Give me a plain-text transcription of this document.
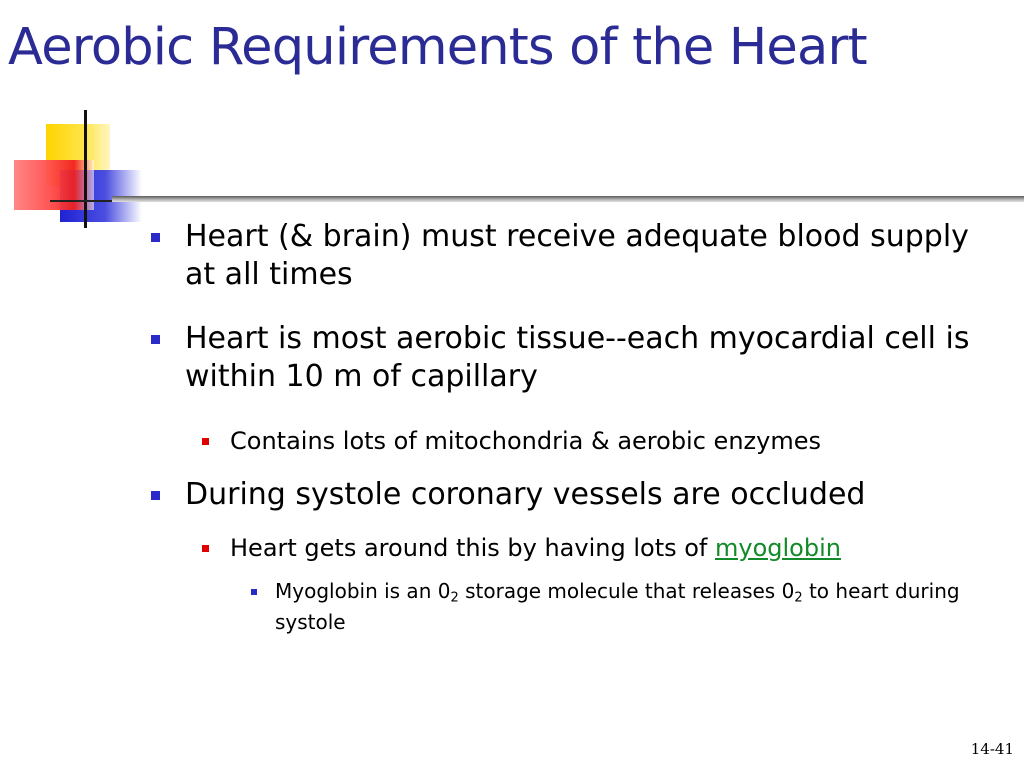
Aerobic Requirements of the Heart

Heart (& brain) must receive adequate blood supply at all times

Heart is most aerobic tissue--each myocardial cell is within 10 m of capillary

Contains lots of mitochondria & aerobic enzymes

During systole coronary vessels are occluded

Heart gets around this by having lots of myoglobin

Myoglobin is an $0_2$ storage molecule that releases $0_2$ to heart during systole

14-41
